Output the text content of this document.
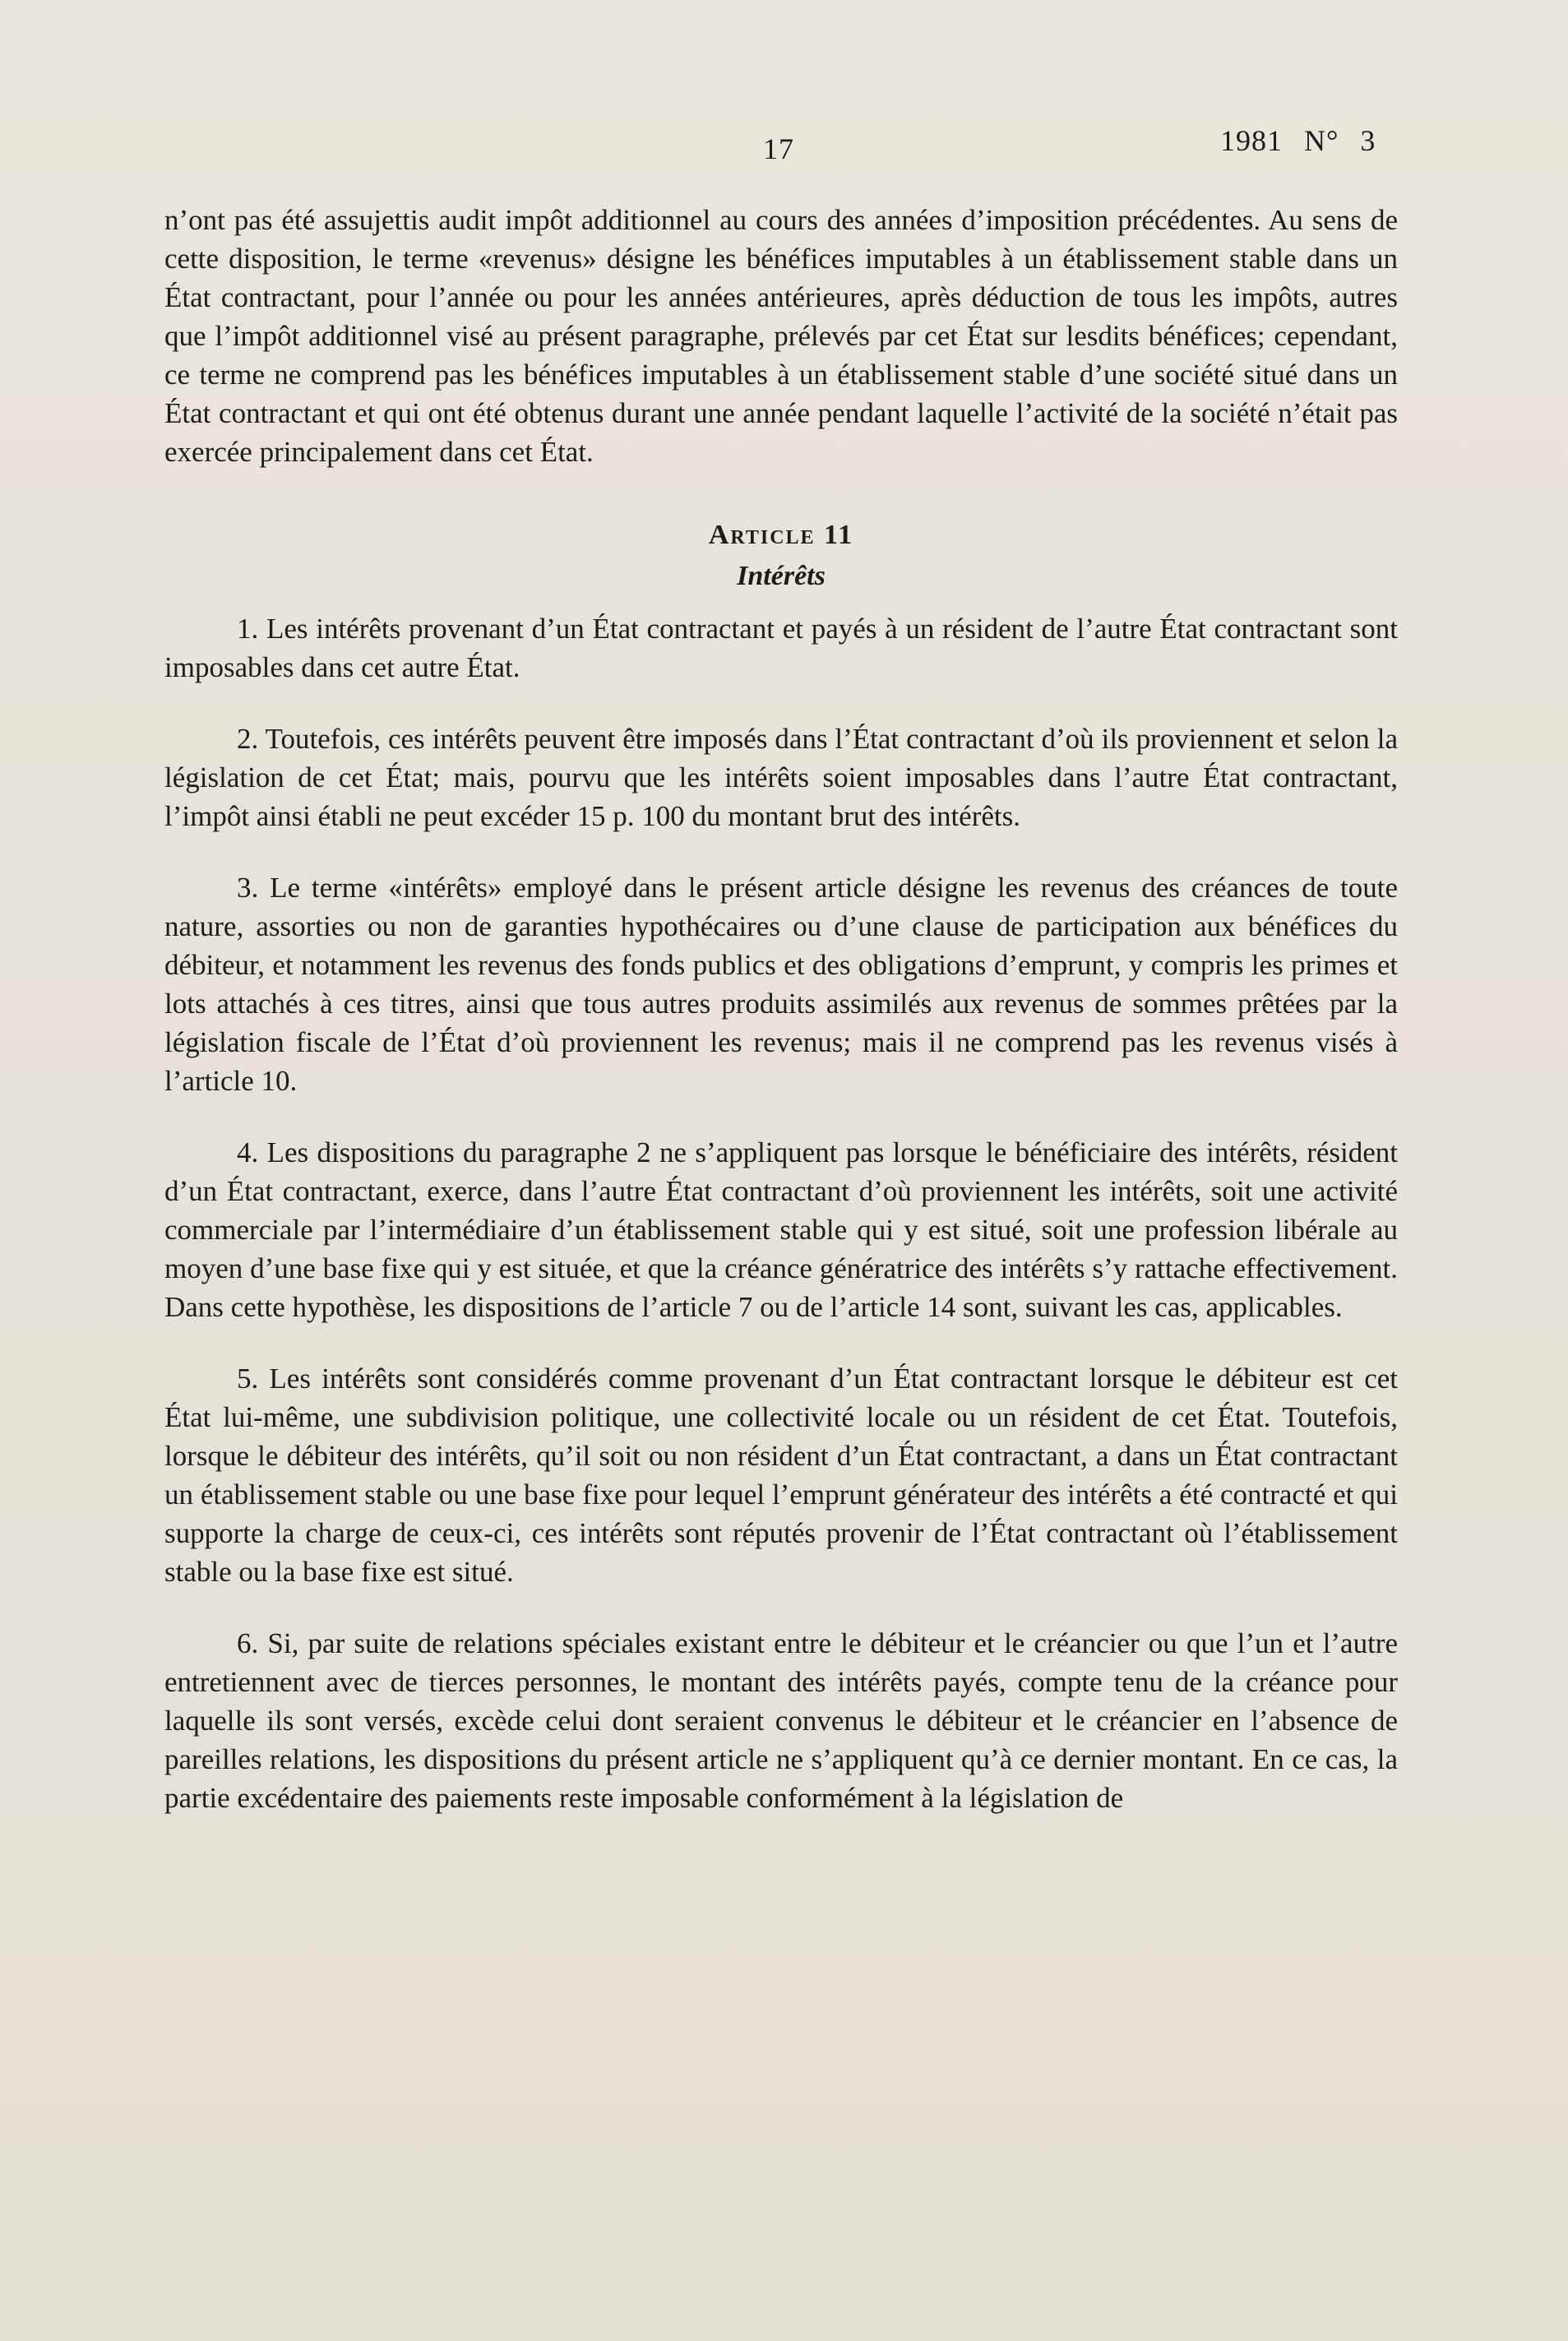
17	1981 N° 3

n’ont pas été assujettis audit impôt additionnel au cours des années d’imposition précédentes. Au sens de cette disposition, le terme «revenus» désigne les bénéfices imputables à un établissement stable dans un État contractant, pour l’année ou pour les années antérieures, après déduction de tous les impôts, autres que l’impôt additionnel visé au présent paragraphe, prélevés par cet État sur lesdits bénéfices; cependant, ce terme ne comprend pas les bénéfices imputables à un établissement stable d’une société situé dans un État contractant et qui ont été obtenus durant une année pendant laquelle l’activité de la société n’était pas exercée principalement dans cet État.

Article 11
Intérêts

1. Les intérêts provenant d’un État contractant et payés à un résident de l’autre État contractant sont imposables dans cet autre État.

2. Toutefois, ces intérêts peuvent être imposés dans l’État contractant d’où ils proviennent et selon la législation de cet État; mais, pourvu que les intérêts soient imposables dans l’autre État contractant, l’impôt ainsi établi ne peut excéder 15 p. 100 du montant brut des intérêts.

3. Le terme «intérêts» employé dans le présent article désigne les revenus des créances de toute nature, assorties ou non de garanties hypothécaires ou d’une clause de participation aux bénéfices du débiteur, et notamment les revenus des fonds publics et des obligations d’emprunt, y compris les primes et lots attachés à ces titres, ainsi que tous autres produits assimilés aux revenus de sommes prêtées par la législation fiscale de l’État d’où proviennent les revenus; mais il ne comprend pas les revenus visés à l’article 10.

4. Les dispositions du paragraphe 2 ne s’appliquent pas lorsque le bénéficiaire des intérêts, résident d’un État contractant, exerce, dans l’autre État contractant d’où proviennent les intérêts, soit une activité commerciale par l’intermédiaire d’un établissement stable qui y est situé, soit une profession libérale au moyen d’une base fixe qui y est située, et que la créance génératrice des intérêts s’y rattache effectivement. Dans cette hypothèse, les dispositions de l’article 7 ou de l’article 14 sont, suivant les cas, applicables.

5. Les intérêts sont considérés comme provenant d’un État contractant lorsque le débiteur est cet État lui-même, une subdivision politique, une collectivité locale ou un résident de cet État. Toutefois, lorsque le débiteur des intérêts, qu’il soit ou non résident d’un État contractant, a dans un État contractant un établissement stable ou une base fixe pour lequel l’emprunt générateur des intérêts a été contracté et qui supporte la charge de ceux-ci, ces intérêts sont réputés provenir de l’État contractant où l’établissement stable ou la base fixe est situé.

6. Si, par suite de relations spéciales existant entre le débiteur et le créancier ou que l’un et l’autre entretiennent avec de tierces personnes, le montant des intérêts payés, compte tenu de la créance pour laquelle ils sont versés, excède celui dont seraient convenus le débiteur et le créancier en l’absence de pareilles relations, les dispositions du présent article ne s’appliquent qu’à ce dernier montant. En ce cas, la partie excédentaire des paiements reste imposable conformément à la législation de
